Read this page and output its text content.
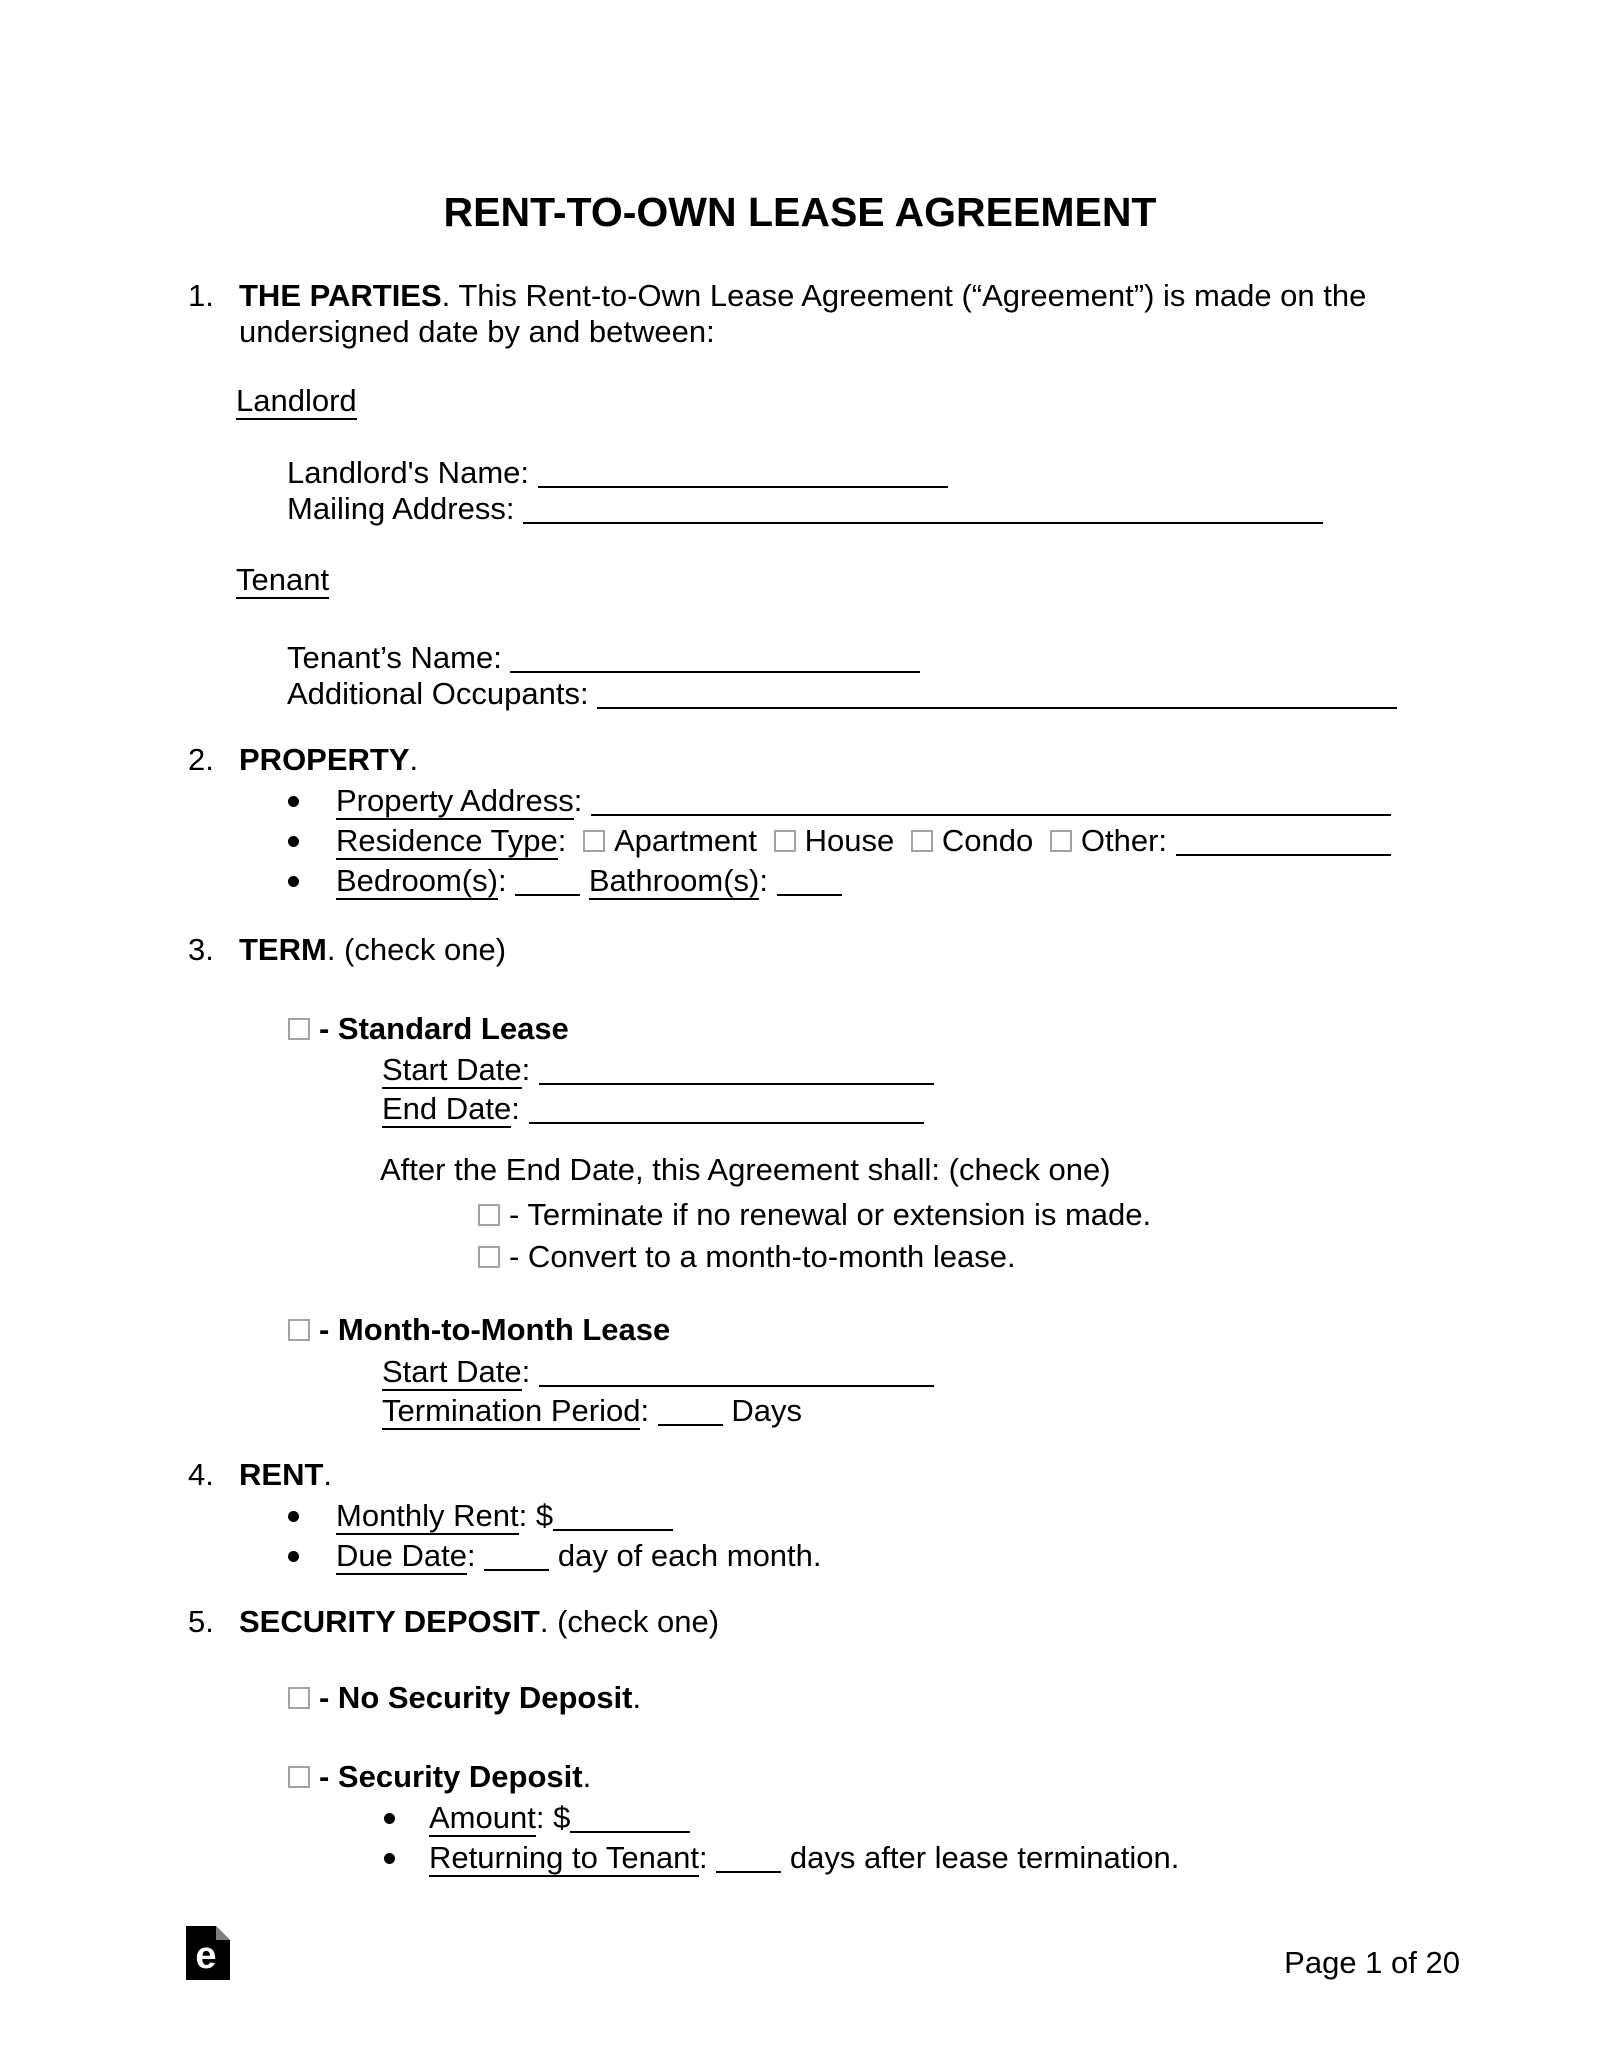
RENT-TO-OWN LEASE AGREEMENT
1. THE PARTIES. This Rent-to-Own Lease Agreement (“Agreement”) is made on the
undersigned date by and between:
Landlord
Landlord's Name:
Mailing Address:
Tenant
Tenant’s Name:
Additional Occupants:
2. PROPERTY.
Property Address:
Residence Type: Apartment House Condo Other:
Bedroom(s):	Bathroom(s):
3. TERM. (check one)
- Standard Lease
Start Date:
End Date:
After the End Date, this Agreement shall: (check one)
- Terminate if no renewal or extension is made.
- Convert to a month-to-month lease.
- Month-to-Month Lease
Start Date:
Termination Period:	Days
4. RENT.
Monthly Rent: $
Due Date:	day of each month.
5. SECURITY DEPOSIT. (check one)
- No Security Deposit.
- Security Deposit.
Amount: $
Returning to Tenant:	days after lease termination.
e	Page 1 of 20
